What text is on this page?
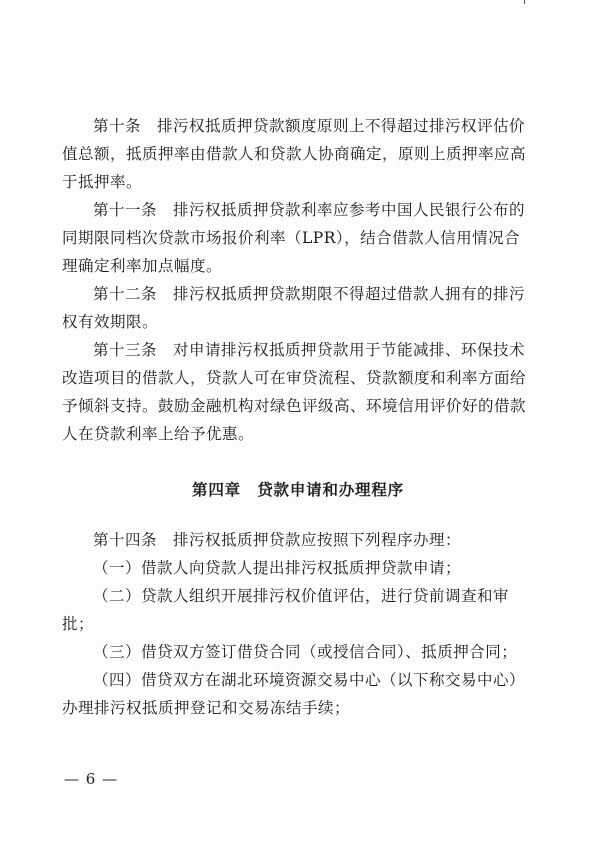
第十条　排污权抵质押贷款额度原则上不得超过排污权评估价值总额，抵质押率由借款人和贷款人协商确定，原则上质押率应高于抵押率。

第十一条　排污权抵质押贷款利率应参考中国人民银行公布的同期限同档次贷款市场报价利率（LPR），结合借款人信用情况合理确定利率加点幅度。

第十二条　排污权抵质押贷款期限不得超过借款人拥有的排污权有效期限。

第十三条　对申请排污权抵质押贷款用于节能减排、环保技术改造项目的借款人，贷款人可在审贷流程、贷款额度和利率方面给予倾斜支持。鼓励金融机构对绿色评级高、环境信用评价好的借款人在贷款利率上给予优惠。

第四章　贷款申请和办理程序

第十四条　排污权抵质押贷款应按照下列程序办理：

（一）借款人向贷款人提出排污权抵质押贷款申请；

（二）贷款人组织开展排污权价值评估，进行贷前调查和审批；

（三）借贷双方签订借贷合同（或授信合同）、抵质押合同；

（四）借贷双方在湖北环境资源交易中心（以下称交易中心）办理排污权抵质押登记和交易冻结手续；

— 6 —
